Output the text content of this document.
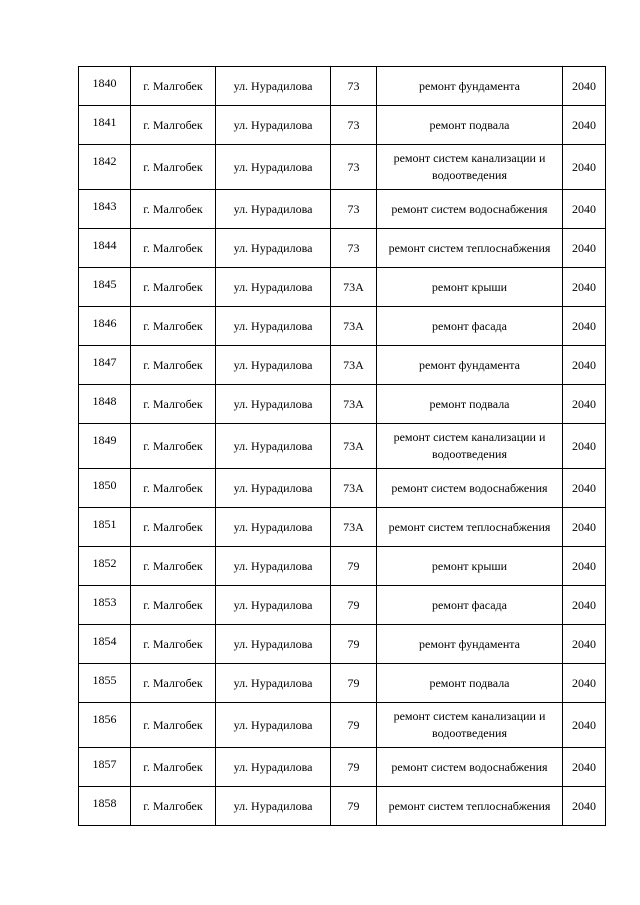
1840	г. Малгобек	ул. Нурадилова	73	ремонт фундамента	2040
1841	г. Малгобек	ул. Нурадилова	73	ремонт подвала	2040
1842	г. Малгобек	ул. Нурадилова	73	ремонт систем канализации и водоотведения	2040
1843	г. Малгобек	ул. Нурадилова	73	ремонт систем водоснабжения	2040
1844	г. Малгобек	ул. Нурадилова	73	ремонт систем теплоснабжения	2040
1845	г. Малгобек	ул. Нурадилова	73А	ремонт крыши	2040
1846	г. Малгобек	ул. Нурадилова	73А	ремонт фасада	2040
1847	г. Малгобек	ул. Нурадилова	73А	ремонт фундамента	2040
1848	г. Малгобек	ул. Нурадилова	73А	ремонт подвала	2040
1849	г. Малгобек	ул. Нурадилова	73А	ремонт систем канализации и водоотведения	2040
1850	г. Малгобек	ул. Нурадилова	73А	ремонт систем водоснабжения	2040
1851	г. Малгобек	ул. Нурадилова	73А	ремонт систем теплоснабжения	2040
1852	г. Малгобек	ул. Нурадилова	79	ремонт крыши	2040
1853	г. Малгобек	ул. Нурадилова	79	ремонт фасада	2040
1854	г. Малгобек	ул. Нурадилова	79	ремонт фундамента	2040
1855	г. Малгобек	ул. Нурадилова	79	ремонт подвала	2040
1856	г. Малгобек	ул. Нурадилова	79	ремонт систем канализации и водоотведения	2040
1857	г. Малгобек	ул. Нурадилова	79	ремонт систем водоснабжения	2040
1858	г. Малгобек	ул. Нурадилова	79	ремонт систем теплоснабжения	2040
